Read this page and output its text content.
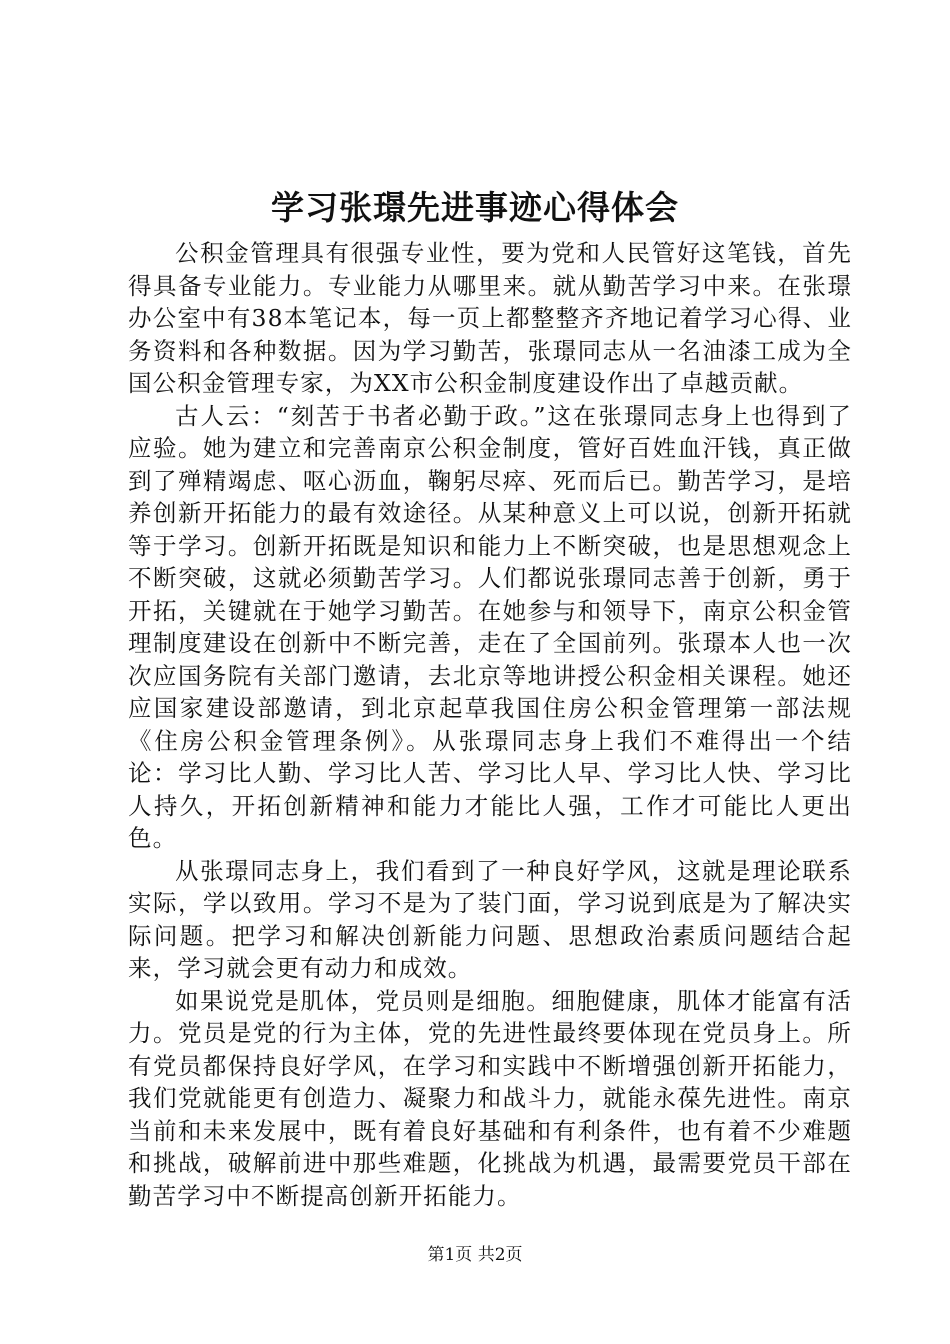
学习张璟先进事迹心得体会

公积金管理具有很强专业性，要为党和人民管好这笔钱，首先得具备专业能力。专业能力从哪里来。就从勤苦学习中来。在张璟办公室中有38本笔记本，每一页上都整整齐齐地记着学习心得、业务资料和各种数据。因为学习勤苦，张璟同志从一名油漆工成为全国公积金管理专家，为XX市公积金制度建设作出了卓越贡献。

古人云：“刻苦于书者必勤于政。”这在张璟同志身上也得到了应验。她为建立和完善南京公积金制度，管好百姓血汗钱，真正做到了殚精竭虑、呕心沥血，鞠躬尽瘁、死而后已。勤苦学习，是培养创新开拓能力的最有效途径。从某种意义上可以说，创新开拓就等于学习。创新开拓既是知识和能力上不断突破，也是思想观念上不断突破，这就必须勤苦学习。人们都说张璟同志善于创新，勇于开拓，关键就在于她学习勤苦。在她参与和领导下，南京公积金管理制度建设在创新中不断完善，走在了全国前列。张璟本人也一次次应国务院有关部门邀请，去北京等地讲授公积金相关课程。她还应国家建设部邀请，到北京起草我国住房公积金管理第一部法规《住房公积金管理条例》。从张璟同志身上我们不难得出一个结论：学习比人勤、学习比人苦、学习比人早、学习比人快、学习比人持久，开拓创新精神和能力才能比人强，工作才可能比人更出色。

从张璟同志身上，我们看到了一种良好学风，这就是理论联系实际，学以致用。学习不是为了装门面，学习说到底是为了解决实际问题。把学习和解决创新能力问题、思想政治素质问题结合起来，学习就会更有动力和成效。

如果说党是肌体，党员则是细胞。细胞健康，肌体才能富有活力。党员是党的行为主体，党的先进性最终要体现在党员身上。所有党员都保持良好学风，在学习和实践中不断增强创新开拓能力，我们党就能更有创造力、凝聚力和战斗力，就能永葆先进性。南京当前和未来发展中，既有着良好基础和有利条件，也有着不少难题和挑战，破解前进中那些难题，化挑战为机遇，最需要党员干部在勤苦学习中不断提高创新开拓能力。

第1页 共2页
